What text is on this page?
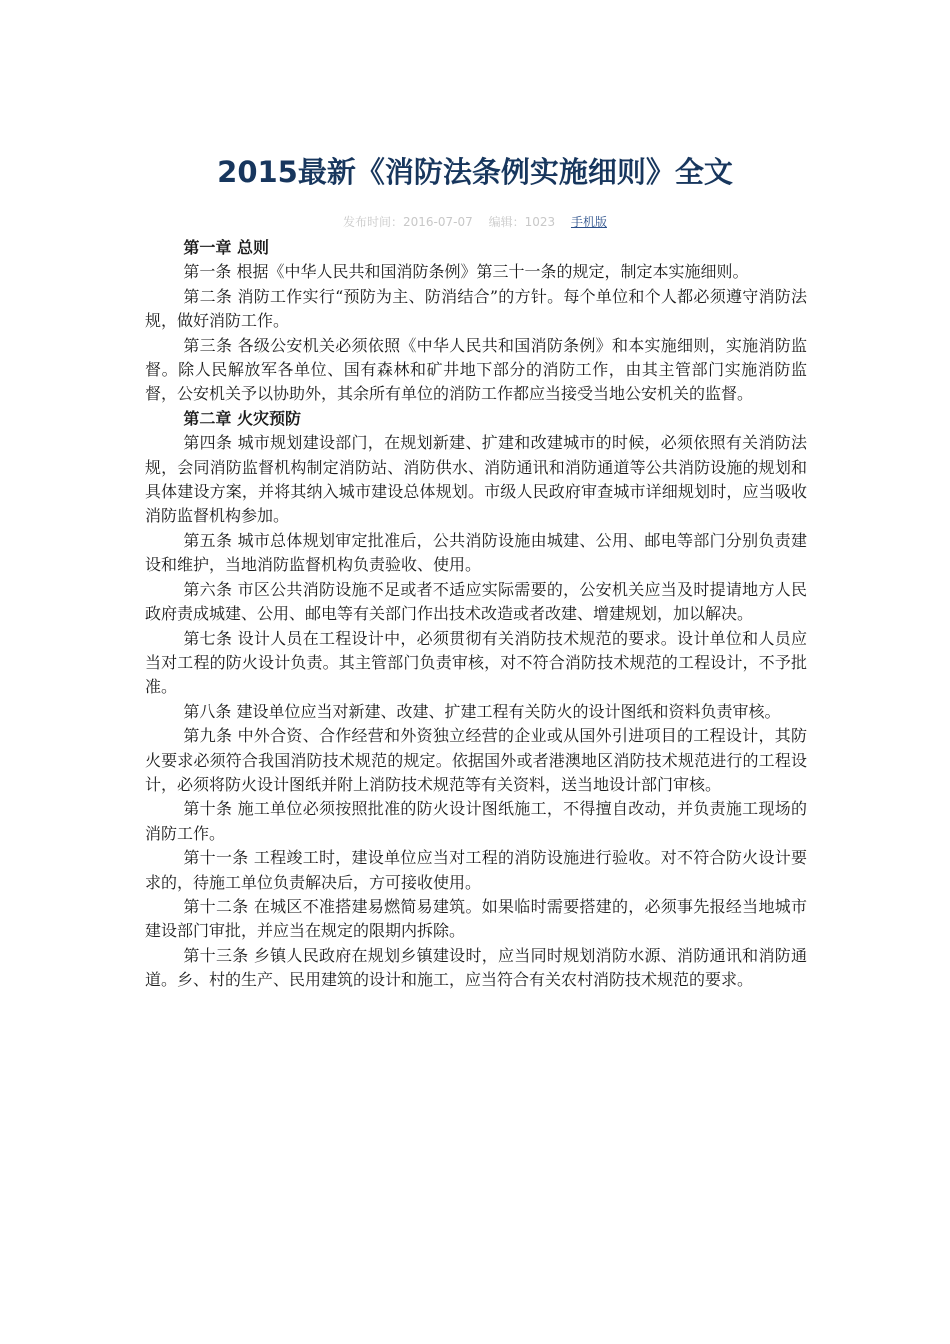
2015最新《消防法条例实施细则》全文
发布时间：2016-07-07 编辑：1023 手机版

第一章 总则

第一条 根据《中华人民共和国消防条例》第三十一条的规定，制定本实施细则。

第二条 消防工作实行“预防为主、防消结合”的方针。每个单位和个人都必须遵守消防法规，做好消防工作。

第三条 各级公安机关必须依照《中华人民共和国消防条例》和本实施细则，实施消防监督。除人民解放军各单位、国有森林和矿井地下部分的消防工作，由其主管部门实施消防监督，公安机关予以协助外，其余所有单位的消防工作都应当接受当地公安机关的监督。

第二章 火灾预防

第四条 城市规划建设部门，在规划新建、扩建和改建城市的时候，必须依照有关消防法规，会同消防监督机构制定消防站、消防供水、消防通讯和消防通道等公共消防设施的规划和具体建设方案，并将其纳入城市建设总体规划。市级人民政府审查城市详细规划时，应当吸收消防监督机构参加。

第五条 城市总体规划审定批准后，公共消防设施由城建、公用、邮电等部门分别负责建设和维护，当地消防监督机构负责验收、使用。

第六条 市区公共消防设施不足或者不适应实际需要的，公安机关应当及时提请地方人民政府责成城建、公用、邮电等有关部门作出技术改造或者改建、增建规划，加以解决。

第七条 设计人员在工程设计中，必须贯彻有关消防技术规范的要求。设计单位和人员应当对工程的防火设计负责。其主管部门负责审核，对不符合消防技术规范的工程设计，不予批准。

第八条 建设单位应当对新建、改建、扩建工程有关防火的设计图纸和资料负责审核。

第九条 中外合资、合作经营和外资独立经营的企业或从国外引进项目的工程设计，其防火要求必须符合我国消防技术规范的规定。依据国外或者港澳地区消防技术规范进行的工程设计，必须将防火设计图纸并附上消防技术规范等有关资料，送当地设计部门审核。

第十条 施工单位必须按照批准的防火设计图纸施工，不得擅自改动，并负责施工现场的消防工作。

第十一条 工程竣工时，建设单位应当对工程的消防设施进行验收。对不符合防火设计要求的，待施工单位负责解决后，方可接收使用。

第十二条 在城区不准搭建易燃简易建筑。如果临时需要搭建的，必须事先报经当地城市建设部门审批，并应当在规定的限期内拆除。

第十三条 乡镇人民政府在规划乡镇建设时，应当同时规划消防水源、消防通讯和消防通道。乡、村的生产、民用建筑的设计和施工，应当符合有关农村消防技术规范的要求。
